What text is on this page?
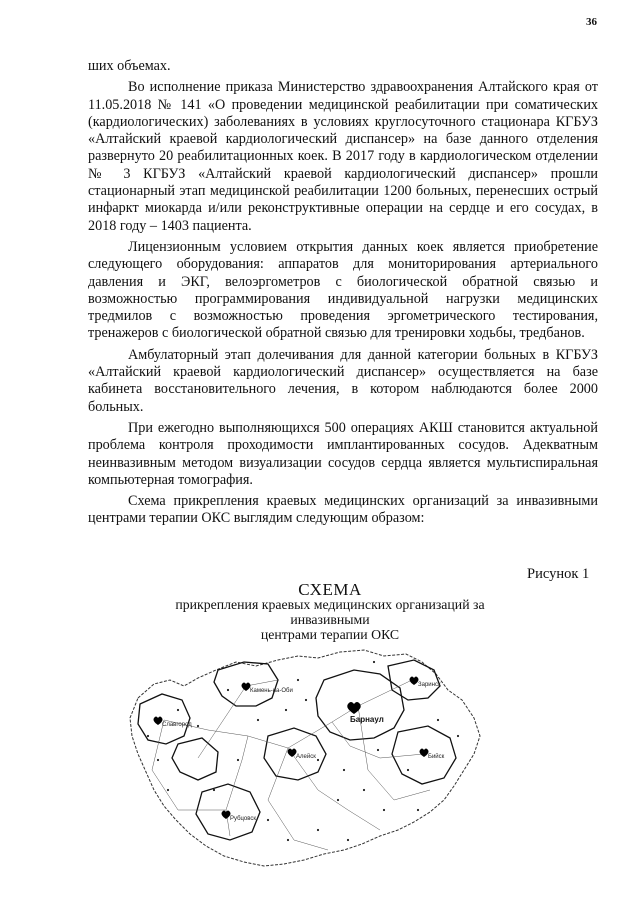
36

ших объемах.

Во исполнение приказа Министерство здравоохранения Алтайского края от 11.05.2018 № 141 «О проведении медицинской реабилитации при соматических (кардиологических) заболеваниях в условиях круглосуточного стационара КГБУЗ «Алтайский краевой кардиологический диспансер» на базе данного отделения развернуто 20 реабилитационных коек. В 2017 году в кардиологическом отделении № 3 КГБУЗ «Алтайский краевой кардиологический диспансер» прошли стационарный этап медицинской реабилитации 1200 больных, перенесших острый инфаркт миокарда и/или реконструктивные операции на сердце и его сосудах, в 2018 году – 1403 пациента.

Лицензионным условием открытия данных коек является приобретение следующего оборудования: аппаратов для мониторирования артериального давления и ЭКГ, велоэргометров с биологической обратной связью и возможностью программирования индивидуальной нагрузки медицинских тредмилов с возможностью проведения эргометрического тестирования, тренажеров с биологической обратной связью для тренировки ходьбы, тредбанов.

Амбулаторный этап долечивания для данной категории больных в КГБУЗ «Алтайский краевой кардиологический диспансер» осуществляется на базе кабинета восстановительного лечения, в котором наблюдаются более 2000 больных.

При ежегодно выполняющихся 500 операциях АКШ становится актуальной проблема контроля проходимости имплантированных сосудов. Адекватным неинвазивным методом визуализации сосудов сердца является мультиспиральная компьютерная томография.

Схема прикрепления краевых медицинских организаций за инвазивными центрами терапии ОКС выглядим следующим образом:

Рисунок 1
СХЕМА
прикрепления краевых медицинских организаций за инвазивными
центрами терапии ОКС
Барнаул
Заринск
Бийск
Рубцовск
Алейск
Славгород
Камень-на-Оби
